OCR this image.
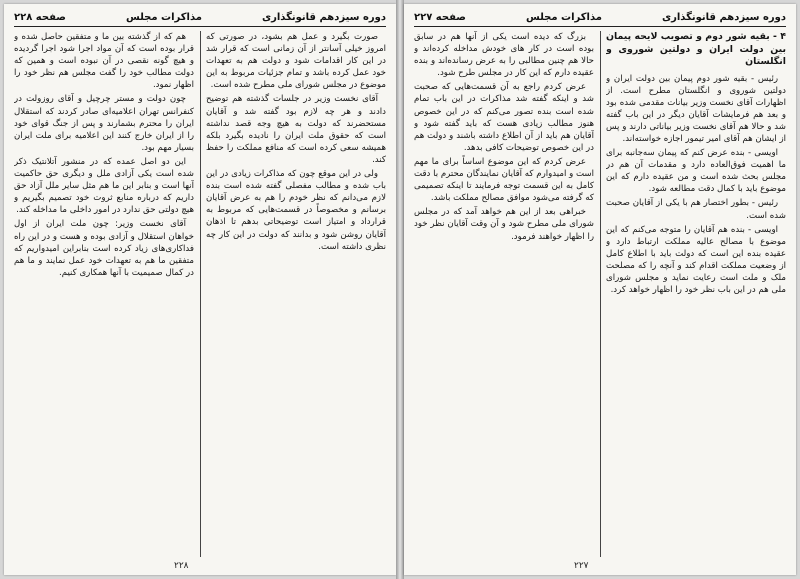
دوره سیزدهم قانونگذاری
مذاکرات مجلس
صفحه ۲۲۸

صورت بگیرد و عمل هم بشود، در صورتی که امروز خیلی آسانتر از آن زمانی است که قرار شد در این کار اقدامات شود و دولت هم به تعهدات خود عمل کرده باشد و تمام جزئیات مربوط به این موضوع در مجلس شورای ملی مطرح شده است.

آقای نخست وزیر در جلسات گذشته هم توضیح دادند و هر چه لازم بود گفته شد و آقایان مستحضرند که دولت به هیچ وجه قصد نداشته است که حقوق ملت ایران را نادیده بگیرد بلکه همیشه سعی کرده است که منافع مملکت را حفظ کند.

ولی در این موقع چون که مذاکرات زیادی در این باب شده و مطالب مفصلی گفته شده است بنده لازم می‌دانم که نظر خودم را هم به عرض آقایان برسانم و مخصوصاً در قسمت‌هایی که مربوط به قرارداد و امتیاز است توضیحاتی بدهم تا اذهان آقایان روشن شود و بدانند که دولت در این کار چه نظری داشته است.

هم که از گذشته بین ما و متفقین حاصل شده و قرار بوده است که آن مواد اجرا شود اجرا گردیده و هیچ گونه نقصی در آن نبوده است و همین که دولت مطالب خود را گفت مجلس هم نظر خود را اظهار نمود.

چون دولت و مستر چرچیل و آقای روزولت در کنفرانس تهران اعلامیه‌ای صادر کردند که استقلال ایران را محترم بشمارند و پس از جنگ قوای خود را از ایران خارج کنند این اعلامیه برای ملت ایران بسیار مهم بود.

این دو اصل عمده که در منشور آتلانتیک ذکر شده است یکی آزادی ملل و دیگری حق حاکمیت آنها است و بنابر این ما هم مثل سایر ملل آزاد حق داریم که درباره منابع ثروت خود تصمیم بگیریم و هیچ دولتی حق ندارد در امور داخلی ما مداخله کند.

آقای نخست وزیر: چون ملت ایران از اول خواهان استقلال و آزادی بوده و هست و در این راه فداکاری‌های زیاد کرده است بنابراین امیدواریم که متفقین ما هم به تعهدات خود عمل نمایند و ما هم در کمال صمیمیت با آنها همکاری کنیم.

۲۲۸
دوره سیزدهم قانونگذاری
مذاکرات مجلس
صفحه ۲۲۷

۴ - بقیه شور دوم و تصویب لایحه پیمان بین دولت ایران و دولتین شوروی و انگلستان

رئیس - بقیه شور دوم پیمان بین دولت ایران و دولتین شوروی و انگلستان مطرح است. از اظهارات آقای نخست وزیر بیانات مقدمی شده بود و بعد هم فرمایشات آقایان دیگر در این باب گفته شد و حالا هم آقای نخست وزیر بیاناتی دارند و پس از ایشان هم آقای امیر تیمور اجازه خواسته‌اند.

اویسی - بنده عرض کنم که پیمان سه‌جانبه برای ما اهمیت فوق‌العاده دارد و مقدمات آن هم در مجلس بحث شده است و من عقیده دارم که این موضوع باید با کمال دقت مطالعه شود.

رئیس - بطور اختصار هم با یکی از آقایان صحبت شده است.

اویسی - بنده هم آقایان را متوجه می‌کنم که این موضوع با مصالح عالیه مملکت ارتباط دارد و عقیده بنده این است که دولت باید با اطلاع کامل از وضعیت مملکت اقدام کند و آنچه را که مصلحت ملک و ملت است رعایت نماید و مجلس شورای ملی هم در این باب نظر خود را اظهار خواهد کرد.

بزرگ که دیده است یکی از آنها هم در سابق بوده است در کار های خودش مداخله کرده‌اند و حالا هم چنین مطالبی را به عرض رسانده‌اند و بنده عقیده دارم که این کار در مجلس طرح شود.

عرض کردم راجع به آن قسمت‌هایی که صحبت شد و اینکه گفته شد مذاکرات در این باب تمام شده است بنده تصور می‌کنم که در این خصوص هنوز مطالب زیادی هست که باید گفته شود و آقایان هم باید از آن اطلاع داشته باشند و دولت هم در این خصوص توضیحات کافی بدهد.

عرض کردم که این موضوع اساساً برای ما مهم است و امیدوارم که آقایان نمایندگان محترم با دقت کامل به این قسمت توجه فرمایند تا اینکه تصمیمی که گرفته می‌شود موافق مصالح مملکت باشد.

خبراهی بعد از این هم خواهد آمد که در مجلس شورای ملی مطرح شود و آن وقت آقایان نظر خود را اظهار خواهند فرمود.

۲۲۷
